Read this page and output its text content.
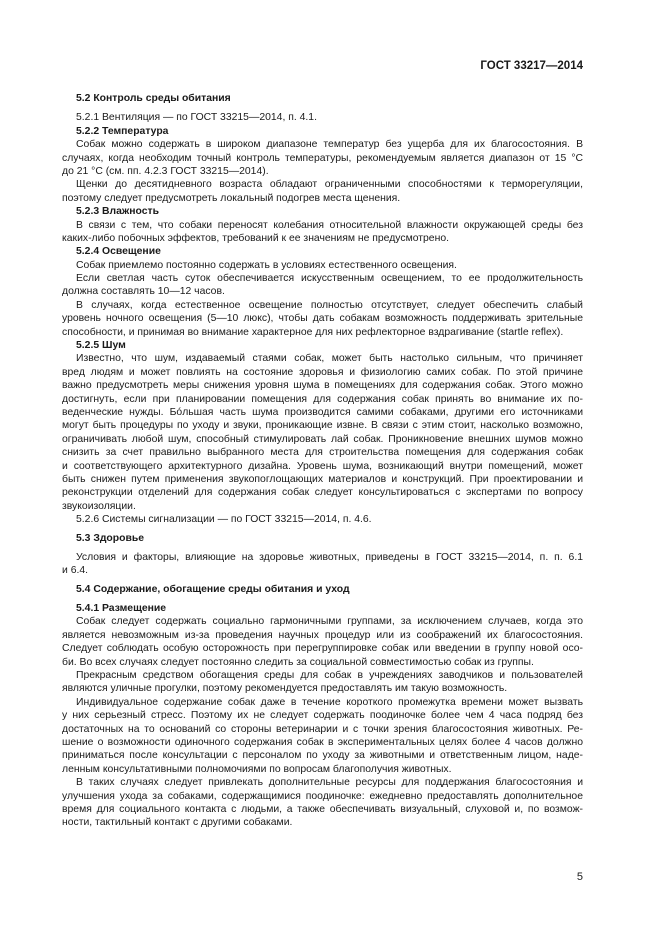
ГОСТ 33217—2014
5.2 Контроль среды обитания
5.2.1 Вентиляция — по ГОСТ 33215—2014, п. 4.1.
5.2.2 Температура
Собак можно содержать в широком диапазоне температур без ущерба для их благосостояния. В
случаях, когда необходим точный контроль температуры, рекомендуемым является диапазон от 15 °C
до 21 °C (см. пп. 4.2.3 ГОСТ 33215—2014).
Щенки до десятидневного возраста обладают ограниченными способностями к терморегуляции,
поэтому следует предусмотреть локальный подогрев места щенения.
5.2.3 Влажность
В связи с тем, что собаки переносят колебания относительной влажности окружающей среды без
каких-либо побочных эффектов, требований к ее значениям не предусмотрено.
5.2.4 Освещение
Собак приемлемо постоянно содержать в условиях естественного освещения.
Если светлая часть суток обеспечивается искусственным освещением, то ее продолжительность
должна составлять 10—12 часов.
В случаях, когда естественное освещение полностью отсутствует, следует обеспечить слабый
уровень ночного освещения (5—10 люкс), чтобы дать собакам возможность поддерживать зрительные
способности, и принимая во внимание характерное для них рефлекторное вздрагивание (startle reflex).
5.2.5 Шум
Известно, что шум, издаваемый стаями собак, может быть настолько сильным, что причиняет
вред людям и может повлиять на состояние здоровья и физиологию самих собак. По этой причине
важно предусмотреть меры снижения уровня шума в помещениях для содержания собак. Этого можно
достигнуть, если при планировании помещения для содержания собак принять во внимание их по-
веденческие нужды. Бóльшая часть шума производится самими собаками, другими его источниками
могут быть процедуры по уходу и звуки, проникающие извне. В связи с этим стоит, насколько возможно,
ограничивать любой шум, способный стимулировать лай собак. Проникновение внешних шумов можно
снизить за счет правильно выбранного места для строительства помещения для содержания собак
и соответствующего архитектурного дизайна. Уровень шума, возникающий внутри помещений, может
быть снижен путем применения звукопоглощающих материалов и конструкций. При проектировании и
реконструкции отделений для содержания собак следует консультироваться с экспертами по вопросу
звукоизоляции.
5.2.6 Системы сигнализации — по ГОСТ 33215—2014, п. 4.6.
5.3 Здоровье
Условия и факторы, влияющие на здоровье животных, приведены в ГОСТ 33215—2014, п. п. 6.1
и 6.4.
5.4 Содержание, обогащение среды обитания и уход
5.4.1 Размещение
Собак следует содержать социально гармоничными группами, за исключением случаев, когда это
является невозможным из-за проведения научных процедур или из соображений их благосостояния.
Следует соблюдать особую осторожность при перегруппировке собак или введении в группу новой осо-
би. Во всех случаях следует постоянно следить за социальной совместимостью собак из группы.
Прекрасным средством обогащения среды для собак в учреждениях заводчиков и пользователей
являются уличные прогулки, поэтому рекомендуется предоставлять им такую возможность.
Индивидуальное содержание собак даже в течение короткого промежутка времени может вызвать
у них серьезный стресс. Поэтому их не следует содержать поодиночке более чем 4 часа подряд без
достаточных на то оснований со стороны ветеринарии и с точки зрения благосостояния животных. Ре-
шение о возможности одиночного содержания собак в экспериментальных целях более 4 часов должно
приниматься после консультации с персоналом по уходу за животными и ответственным лицом, наде-
ленным консультативными полномочиями по вопросам благополучия животных.
В таких случаях следует привлекать дополнительные ресурсы для поддержания благосостояния и
улучшения ухода за собаками, содержащимися поодиночке: ежедневно предоставлять дополнительное
время для социального контакта с людьми, а также обеспечивать визуальный, слуховой и, по возмож-
ности, тактильный контакт с другими собаками.
5
